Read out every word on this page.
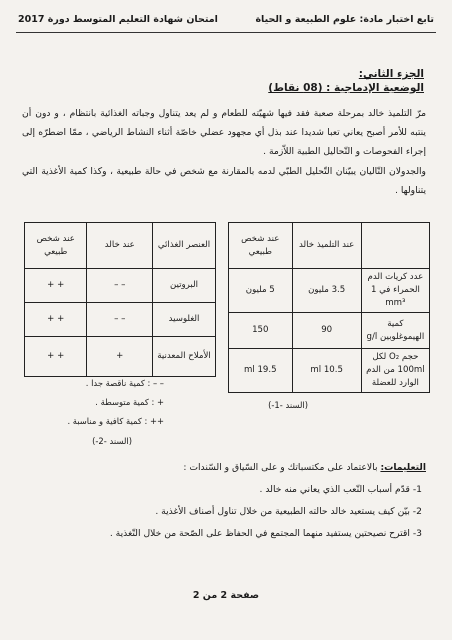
تابع اختبار مادة: علوم الطبيعة و الحياة
امتحان شهادة التعليم المتوسط دورة 2017
الجزء الثاني:
الوضعية الإدماجية : (08 نقاط)
مرّ التلميذ خالد بمرحلة صعبة فقد فيها شهيّته للطعام و لم يعد يتناول وجباته الغذائية بانتظام ، و دون أن ينتبه للأمر أصبح يعاني تعبا شديدا عند بذل أي مجهود عضلي خاصّة أثناء النشاط الرياضي ، ممّا اضطرّه إلى إجراء الفحوصات و التّحاليل الطبية اللاّزمة .
والجدولان التّاليان يبيّنان التّحليل الطبّي لدمه بالمقارنة مع شخص في حالة طبيعية ، وكذا كمية الأغذية التي يتناولها .
	عند التلميذ خالد	عند شخص طبيعي
عدد كريات الدم الحمراء في 1 mm³	3.5 مليون	5 مليون
كمية الهيموغلوبين g/l	90	150
حجم O₂ لكل 100ml من الدم الوارد للعضلة	10.5 ml	19.5 ml
(السند -1-)
العنصر الغذائي	عند خالد	عند شخص طبيعي
البروتين	– –	+ +
الغلوسيد	– –	+ +
الأملاح المعدنية	+	+ +
– – : كمية ناقصة جدا .
+ : كمية متوسطة .
++ : كمية كافية و مناسبة .
(السند -2-)
التعليمات: بالاعتماد على مكتسباتك و على السّياق و السّندات :
1- قدّم أسباب التّعب الذي يعاني منه خالد .
2- بيّن كيف يستعيد خالد حالته الطبيعية من خلال تناول أصناف الأغذية .
3- اقترح نصيحتين يستفيد منهما المجتمع في الحفاظ على الصّحة من خلال التّغذية .
صفحة 2 من 2
